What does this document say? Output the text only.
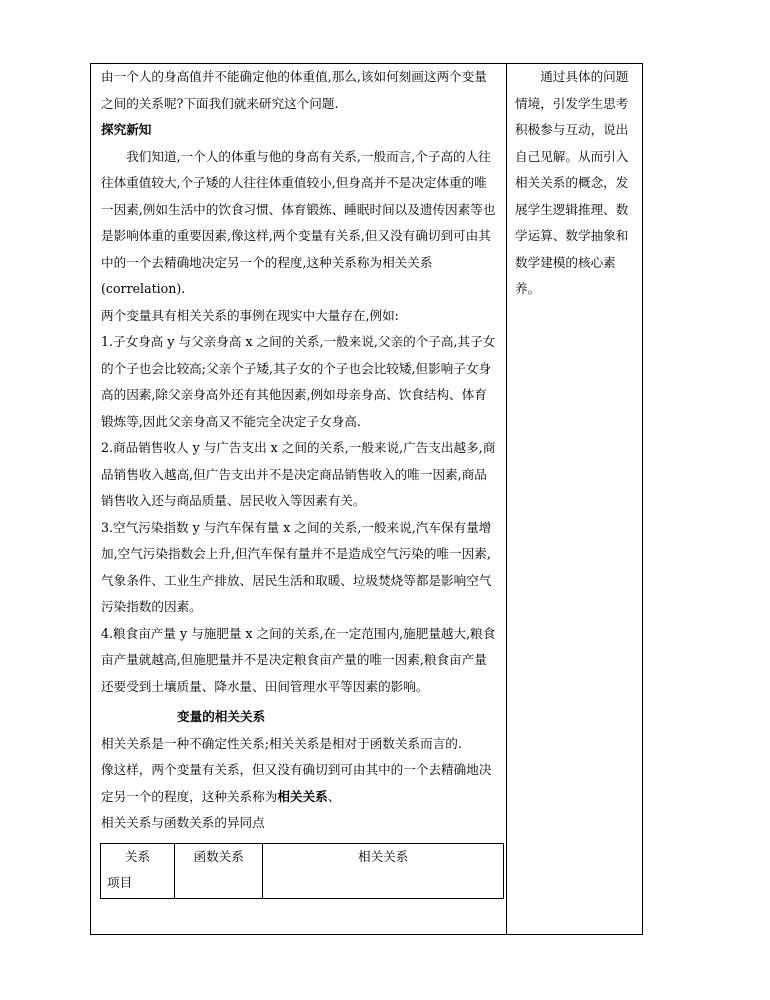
由一个人的身高值并不能确定他的体重值,那么,该如何刻画这两个变量之间的关系呢?下面我们就来研究这个问题.

探究新知

我们知道,一个人的体重与他的身高有关系,一般而言,个子高的人往往体重值较大,个子矮的人往往体重值较小,但身高并不是决定体重的唯一因素,例如生活中的饮食习惯、体育锻炼、睡眠时间以及遗传因素等也是影响体重的重要因素,像这样,两个变量有关系,但又没有确切到可由其中的一个去精确地决定另一个的程度,这种关系称为相关关系(correlation).

两个变量具有相关关系的事例在现实中大量存在,例如:

1.子女身高 y 与父亲身高 x 之间的关系,一般来说,父亲的个子高,其子女的个子也会比较高;父亲个子矮,其子女的个子也会比较矮,但影响子女身高的因素,除父亲身高外还有其他因素,例如母亲身高、饮食结构、体育锻炼等,因此父亲身高又不能完全决定子女身高.

2.商品销售收人 y 与广告支出 x 之间的关系,一般来说,广告支出越多,商品销售收入越高,但广告支出并不是决定商品销售收入的唯一因素,商品销售收入还与商品质量、居民收入等因素有关。

3.空气污染指数 y 与汽车保有量 x 之间的关系,一般来说,汽车保有量增加,空气污染指数会上升,但汽车保有量并不是造成空气污染的唯一因素,气象条件、工业生产排放、居民生活和取暖、垃圾焚烧等都是影响空气污染指数的因素。

4.粮食亩产量 y 与施肥量 x 之间的关系,在一定范围内,施肥量越大,粮食亩产量就越高,但施肥量并不是决定粮食亩产量的唯一因素,粮食亩产量还要受到土壤质量、降水量、田间管理水平等因素的影响。

变量的相关关系

相关关系是一种不确定性关系;相关关系是相对于函数关系而言的.

像这样，两个变量有关系，但又没有确切到可由其中的一个去精确地决定另一个的程度，这种关系称为相关关系、

相关关系与函数关系的异同点

关系
项目
	函数关系	相关关系

通过具体的问题情境，引发学生思考积极参与互动，说出自己见解。从而引入相关关系的概念，发展学生逻辑推理、数学运算、数学抽象和数学建模的核心素养。
